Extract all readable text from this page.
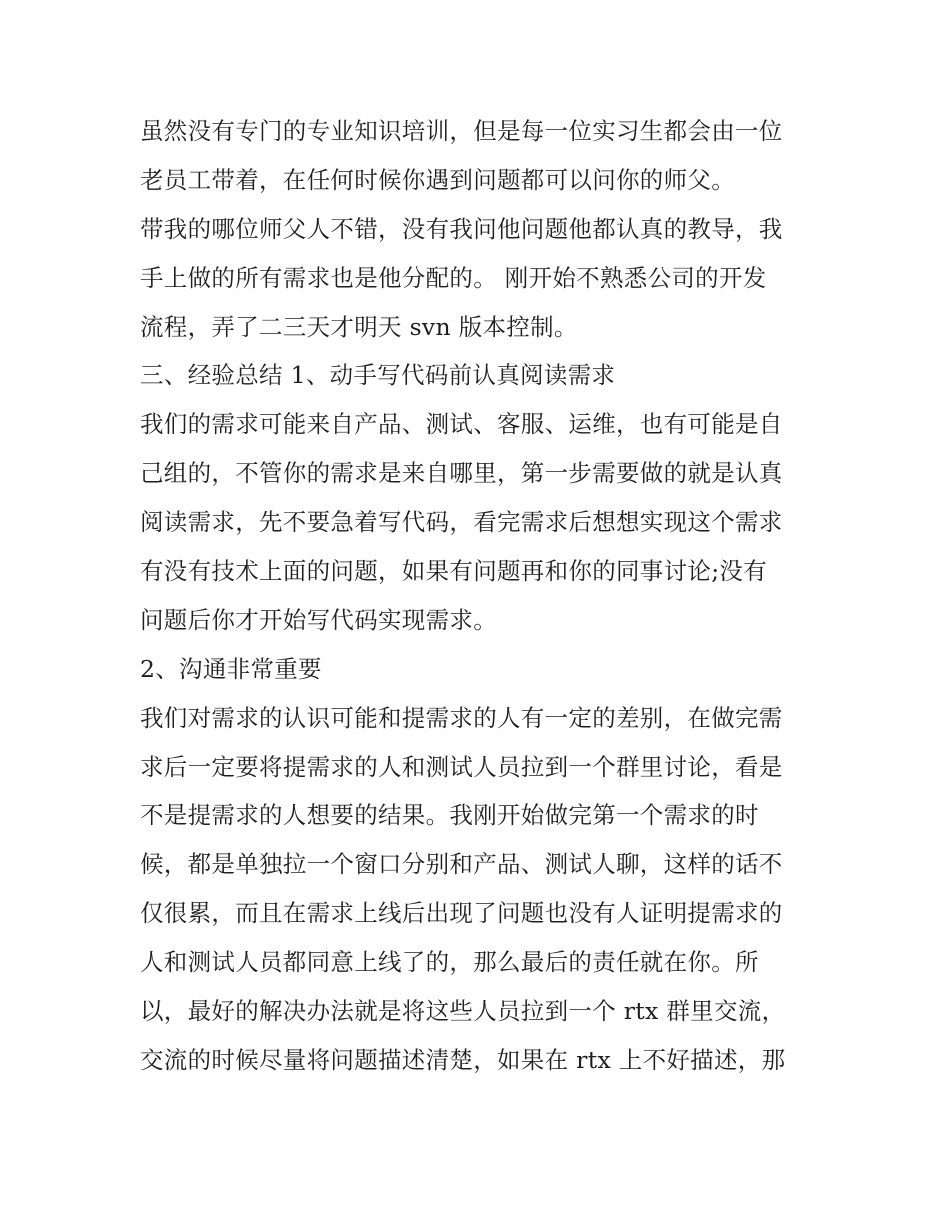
虽然没有专门的专业知识培训，但是每一位实习生都会由一位
老员工带着，在任何时候你遇到问题都可以问你的师父。
带我的哪位师父人不错，没有我问他问题他都认真的教导，我
手上做的所有需求也是他分配的。 刚开始不熟悉公司的开发
流程，弄了二三天才明天 svn 版本控制。
三、经验总结 1、动手写代码前认真阅读需求
我们的需求可能来自产品、测试、客服、运维，也有可能是自
己组的，不管你的需求是来自哪里，第一步需要做的就是认真
阅读需求，先不要急着写代码，看完需求后想想实现这个需求
有没有技术上面的问题，如果有问题再和你的同事讨论;没有
问题后你才开始写代码实现需求。
2、沟通非常重要
我们对需求的认识可能和提需求的人有一定的差别，在做完需
求后一定要将提需求的人和测试人员拉到一个群里讨论，看是
不是提需求的人想要的结果。我刚开始做完第一个需求的时
候，都是单独拉一个窗口分别和产品、测试人聊，这样的话不
仅很累，而且在需求上线后出现了问题也没有人证明提需求的
人和测试人员都同意上线了的，那么最后的责任就在你。所
以，最好的解决办法就是将这些人员拉到一个 rtx 群里交流，
交流的时候尽量将问题描述清楚，如果在 rtx 上不好描述，那
